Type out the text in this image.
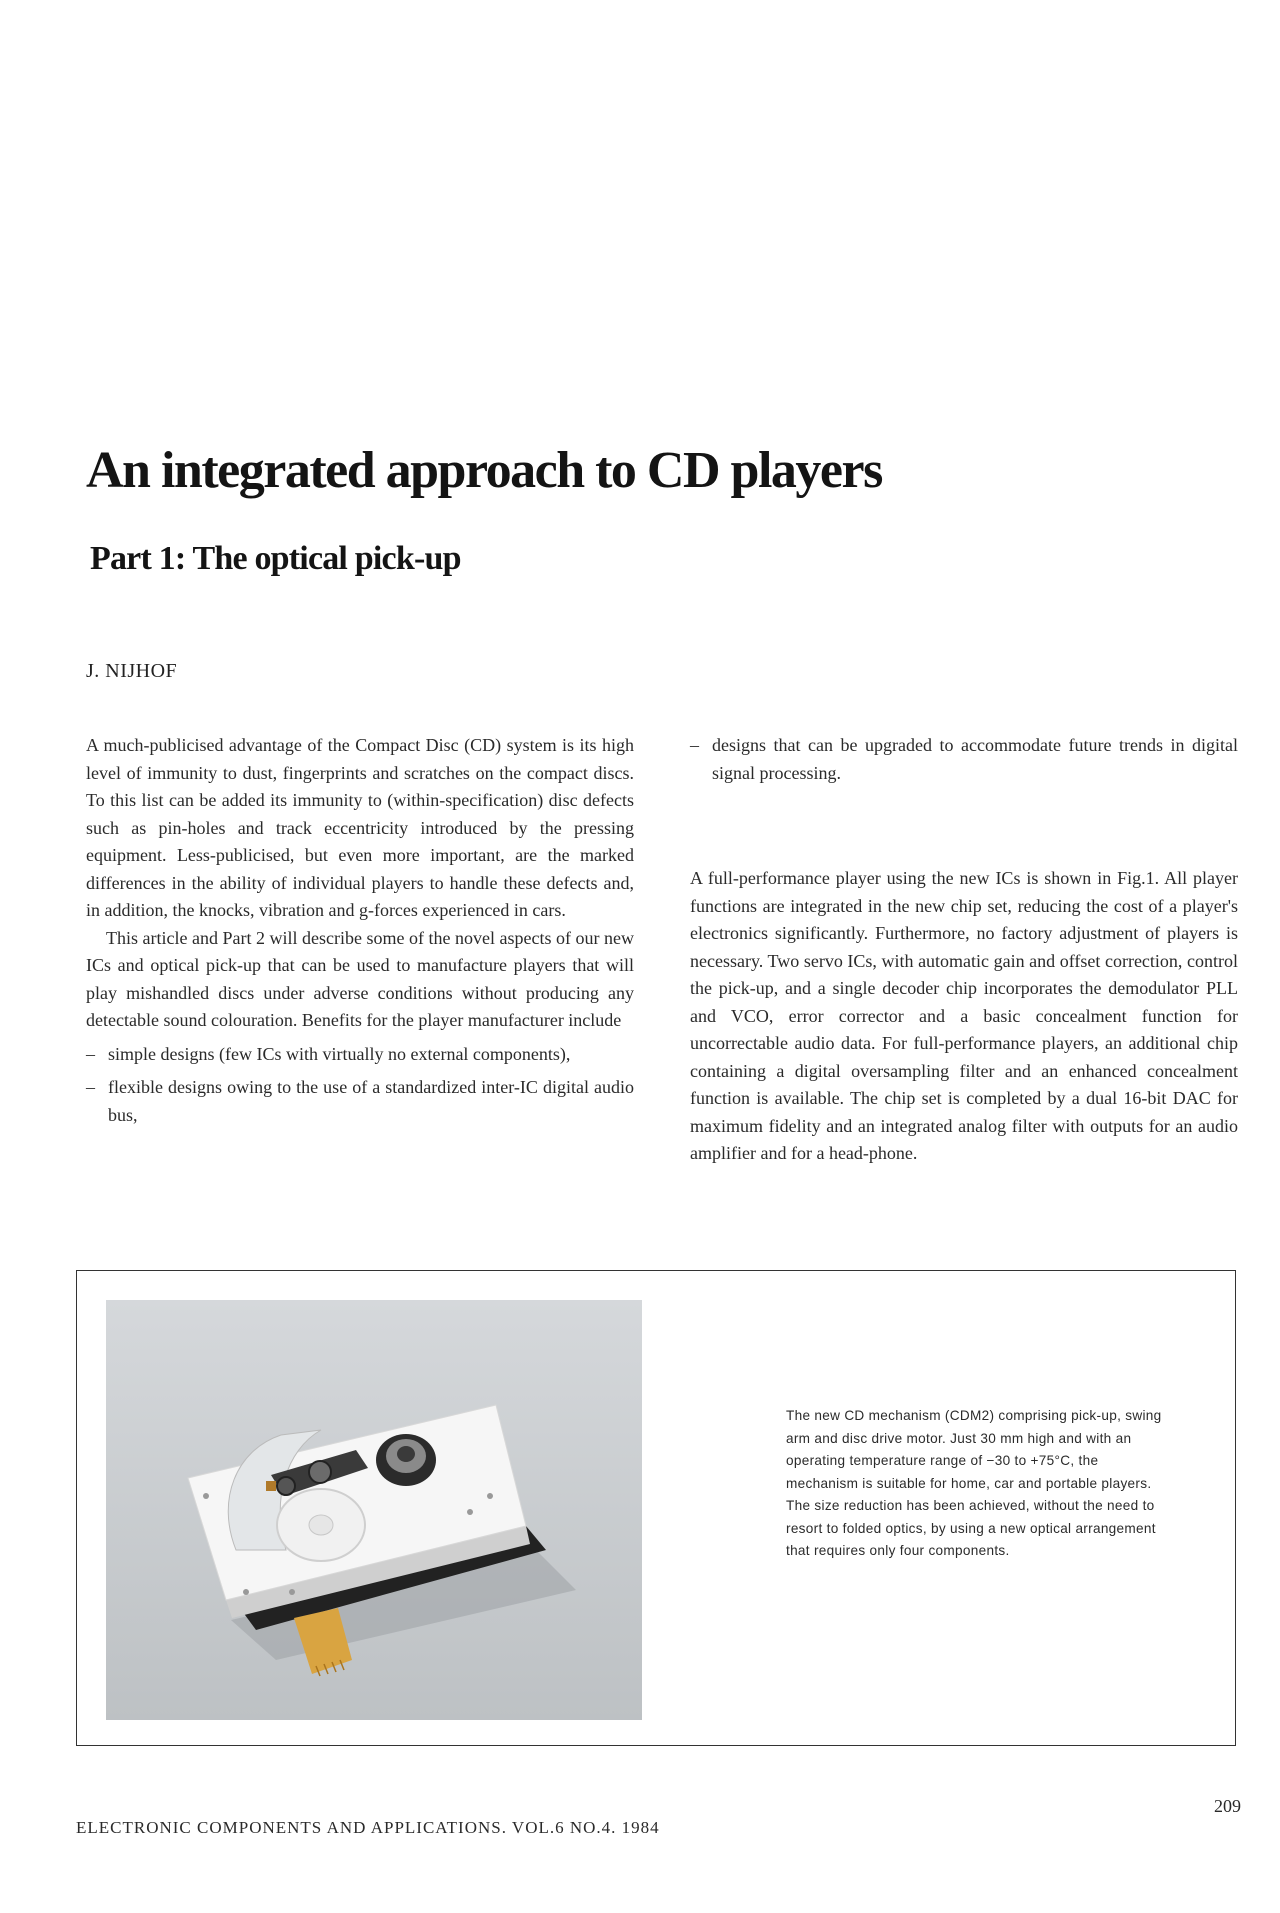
An integrated approach to CD players
Part 1: The optical pick-up
J. NIJHOF

A much-publicised advantage of the Compact Disc (CD) system is its high level of immunity to dust, fingerprints and scratches on the compact discs. To this list can be added its immunity to (within-specification) disc defects such as pin-holes and track eccentricity introduced by the pressing equipment. Less-publicised, but even more important, are the marked differences in the ability of individual players to handle these defects and, in addition, the knocks, vibration and g-forces experienced in cars.

This article and Part 2 will describe some of the novel aspects of our new ICs and optical pick-up that can be used to manufacture players that will play mishandled discs under adverse conditions without producing any detectable sound colouration. Benefits for the player manufacturer include

– simple designs (few ICs with virtually no external components),
– flexible designs owing to the use of a standardized inter-IC digital audio bus,
– designs that can be upgraded to accommodate future trends in digital signal processing.

A full-performance player using the new ICs is shown in Fig.1. All player functions are integrated in the new chip set, reducing the cost of a player's electronics significantly. Furthermore, no factory adjustment of players is necessary. Two servo ICs, with automatic gain and offset correction, control the pick-up, and a single decoder chip incorporates the demodulator PLL and VCO, error corrector and a basic concealment function for uncorrectable audio data. For full-performance players, an additional chip containing a digital oversampling filter and an enhanced concealment function is available. The chip set is completed by a dual 16-bit DAC for maximum fidelity and an integrated analog filter with outputs for an audio amplifier and for a head-phone.

The new CD mechanism (CDM2) comprising pick-up, swing arm and disc drive motor. Just 30 mm high and with an operating temperature range of −30 to +75°C, the mechanism is suitable for home, car and portable players. The size reduction has been achieved, without the need to resort to folded optics, by using a new optical arrangement that requires only four components.
ELECTRONIC COMPONENTS AND APPLICATIONS. VOL.6 NO.4. 1984
209
